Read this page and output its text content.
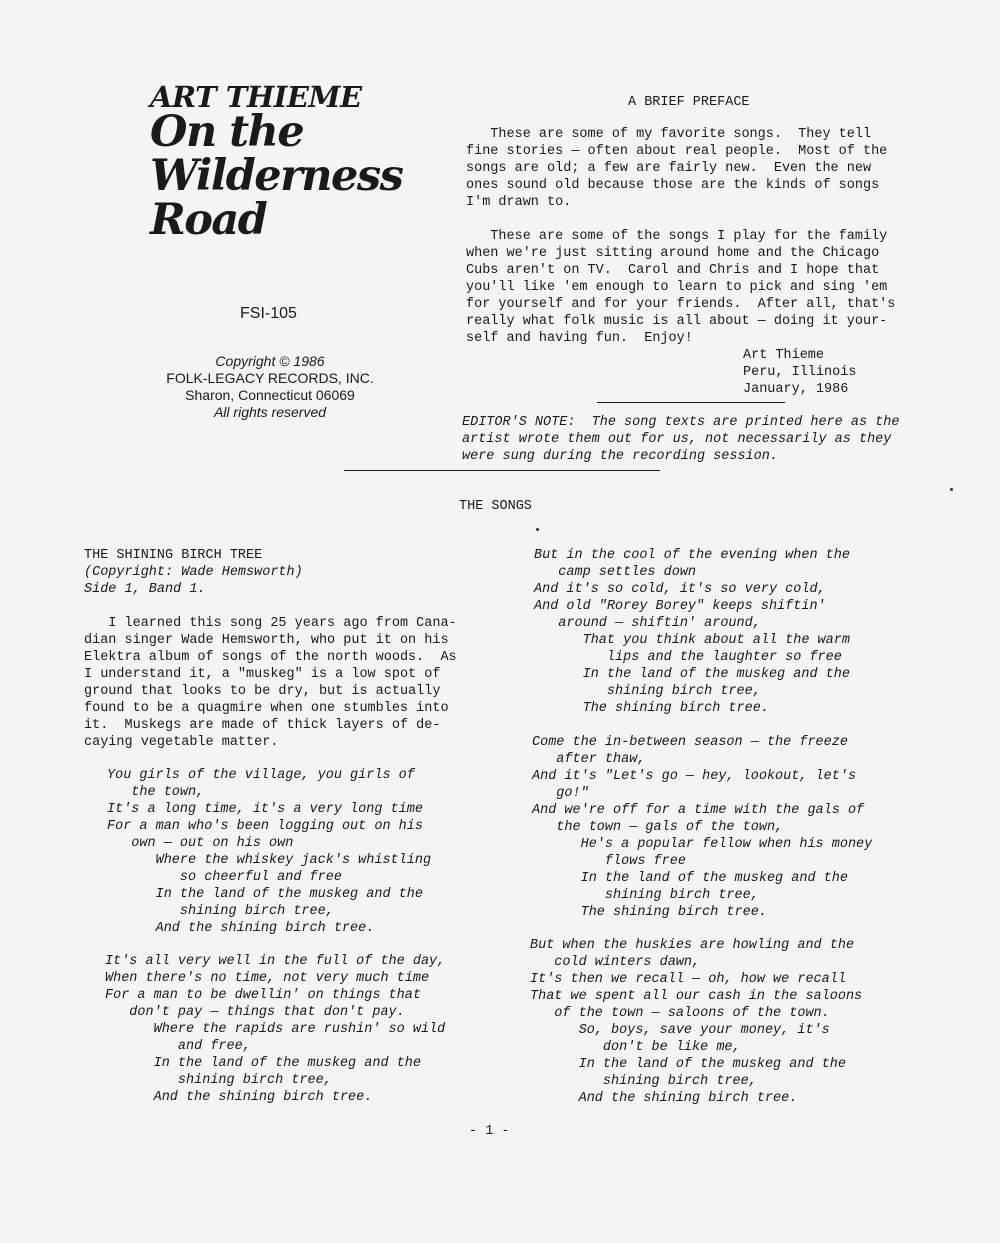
ART THIEME
On the
Wilderness
Road
FSI-105
Copyright © 1986
FOLK-LEGACY RECORDS, INC.
Sharon, Connecticut 06069
All rights reserved
A BRIEF PREFACE
These are some of my favorite songs.  They tell
fine stories — often about real people.  Most of the
songs are old; a few are fairly new.  Even the new
ones sound old because those are the kinds of songs
I'm drawn to.

These are some of the songs I play for the family
when we're just sitting around home and the Chicago
Cubs aren't on TV.  Carol and Chris and I hope that
you'll like 'em enough to learn to pick and sing 'em
for yourself and for your friends.  After all, that's
really what folk music is all about — doing it your-
self and having fun.  Enjoy!
Art Thieme
Peru, Illinois
January, 1986
EDITOR'S NOTE:  The song texts are printed here as the
artist wrote them out for us, not necessarily as they
were sung during the recording session.
THE SONGS
THE SHINING BIRCH TREE
(Copyright: Wade Hemsworth)
Side 1, Band 1.
I learned this song 25 years ago from Cana-
dian singer Wade Hemsworth, who put it on his
Elektra album of songs of the north woods.  As
I understand it, a "muskeg" is a low spot of
ground that looks to be dry, but is actually
found to be a quagmire when one stumbles into
it.  Muskegs are made of thick layers of de-
caying vegetable matter.
You girls of the village, you girls of
the town,
It's a long time, it's a very long time
For a man who's been logging out on his
own — out on his own
Where the whiskey jack's whistling
so cheerful and free
In the land of the muskeg and the
shining birch tree,
And the shining birch tree.
It's all very well in the full of the day,
When there's no time, not very much time
For a man to be dwellin' on things that
don't pay — things that don't pay.
Where the rapids are rushin' so wild
and free,
In the land of the muskeg and the
shining birch tree,
And the shining birch tree.
But in the cool of the evening when the
camp settles down
And it's so cold, it's so very cold,
And old "Rorey Borey" keeps shiftin'
around — shiftin' around,
That you think about all the warm
lips and the laughter so free
In the land of the muskeg and the
shining birch tree,
The shining birch tree.
Come the in-between season — the freeze
after thaw,
And it's "Let's go — hey, lookout, let's
go!"
And we're off for a time with the gals of
the town — gals of the town,
He's a popular fellow when his money
flows free
In the land of the muskeg and the
shining birch tree,
The shining birch tree.
But when the huskies are howling and the
cold winters dawn,
It's then we recall — oh, how we recall
That we spent all our cash in the saloons
of the town — saloons of the town.
So, boys, save your money, it's
don't be like me,
In the land of the muskeg and the
shining birch tree,
And the shining birch tree.
- 1 -
